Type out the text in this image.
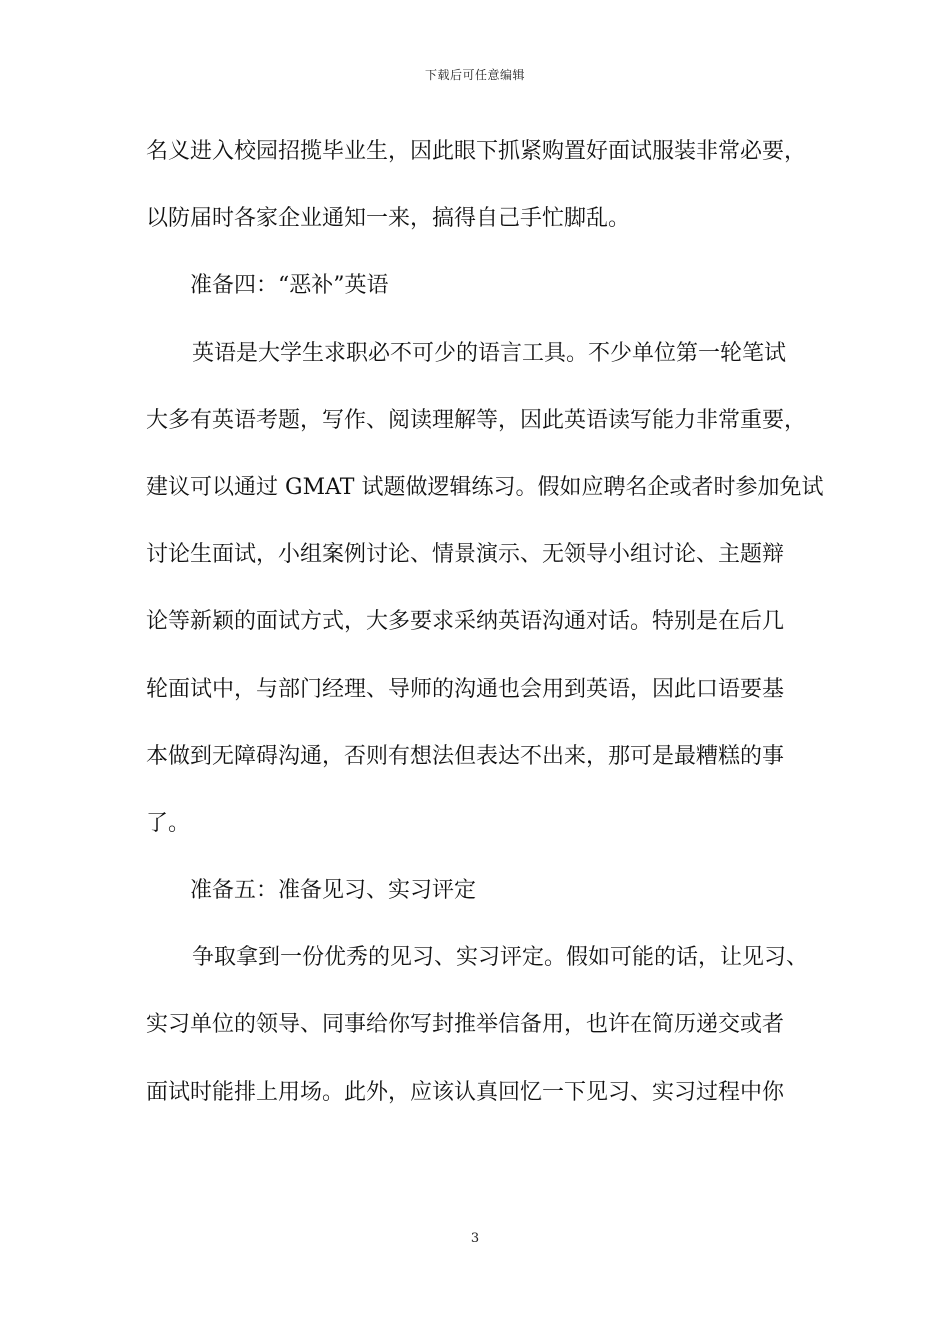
下载后可任意编辑
名义进入校园招揽毕业生，因此眼下抓紧购置好面试服装非常必要，
以防届时各家企业通知一来，搞得自己手忙脚乱。
准备四：“恶补”英语
英语是大学生求职必不可少的语言工具。不少单位第一轮笔试
大多有英语考题，写作、阅读理解等，因此英语读写能力非常重要，
建议可以通过 GMAT 试题做逻辑练习。假如应聘名企或者时参加免试
讨论生面试，小组案例讨论、情景演示、无领导小组讨论、主题辩
论等新颖的面试方式，大多要求采纳英语沟通对话。特别是在后几
轮面试中，与部门经理、导师的沟通也会用到英语，因此口语要基
本做到无障碍沟通，否则有想法但表达不出来，那可是最糟糕的事
了。
准备五：准备见习、实习评定
争取拿到一份优秀的见习、实习评定。假如可能的话，让见习、
实习单位的领导、同事给你写封推举信备用，也许在简历递交或者
面试时能排上用场。此外，应该认真回忆一下见习、实习过程中你
3
